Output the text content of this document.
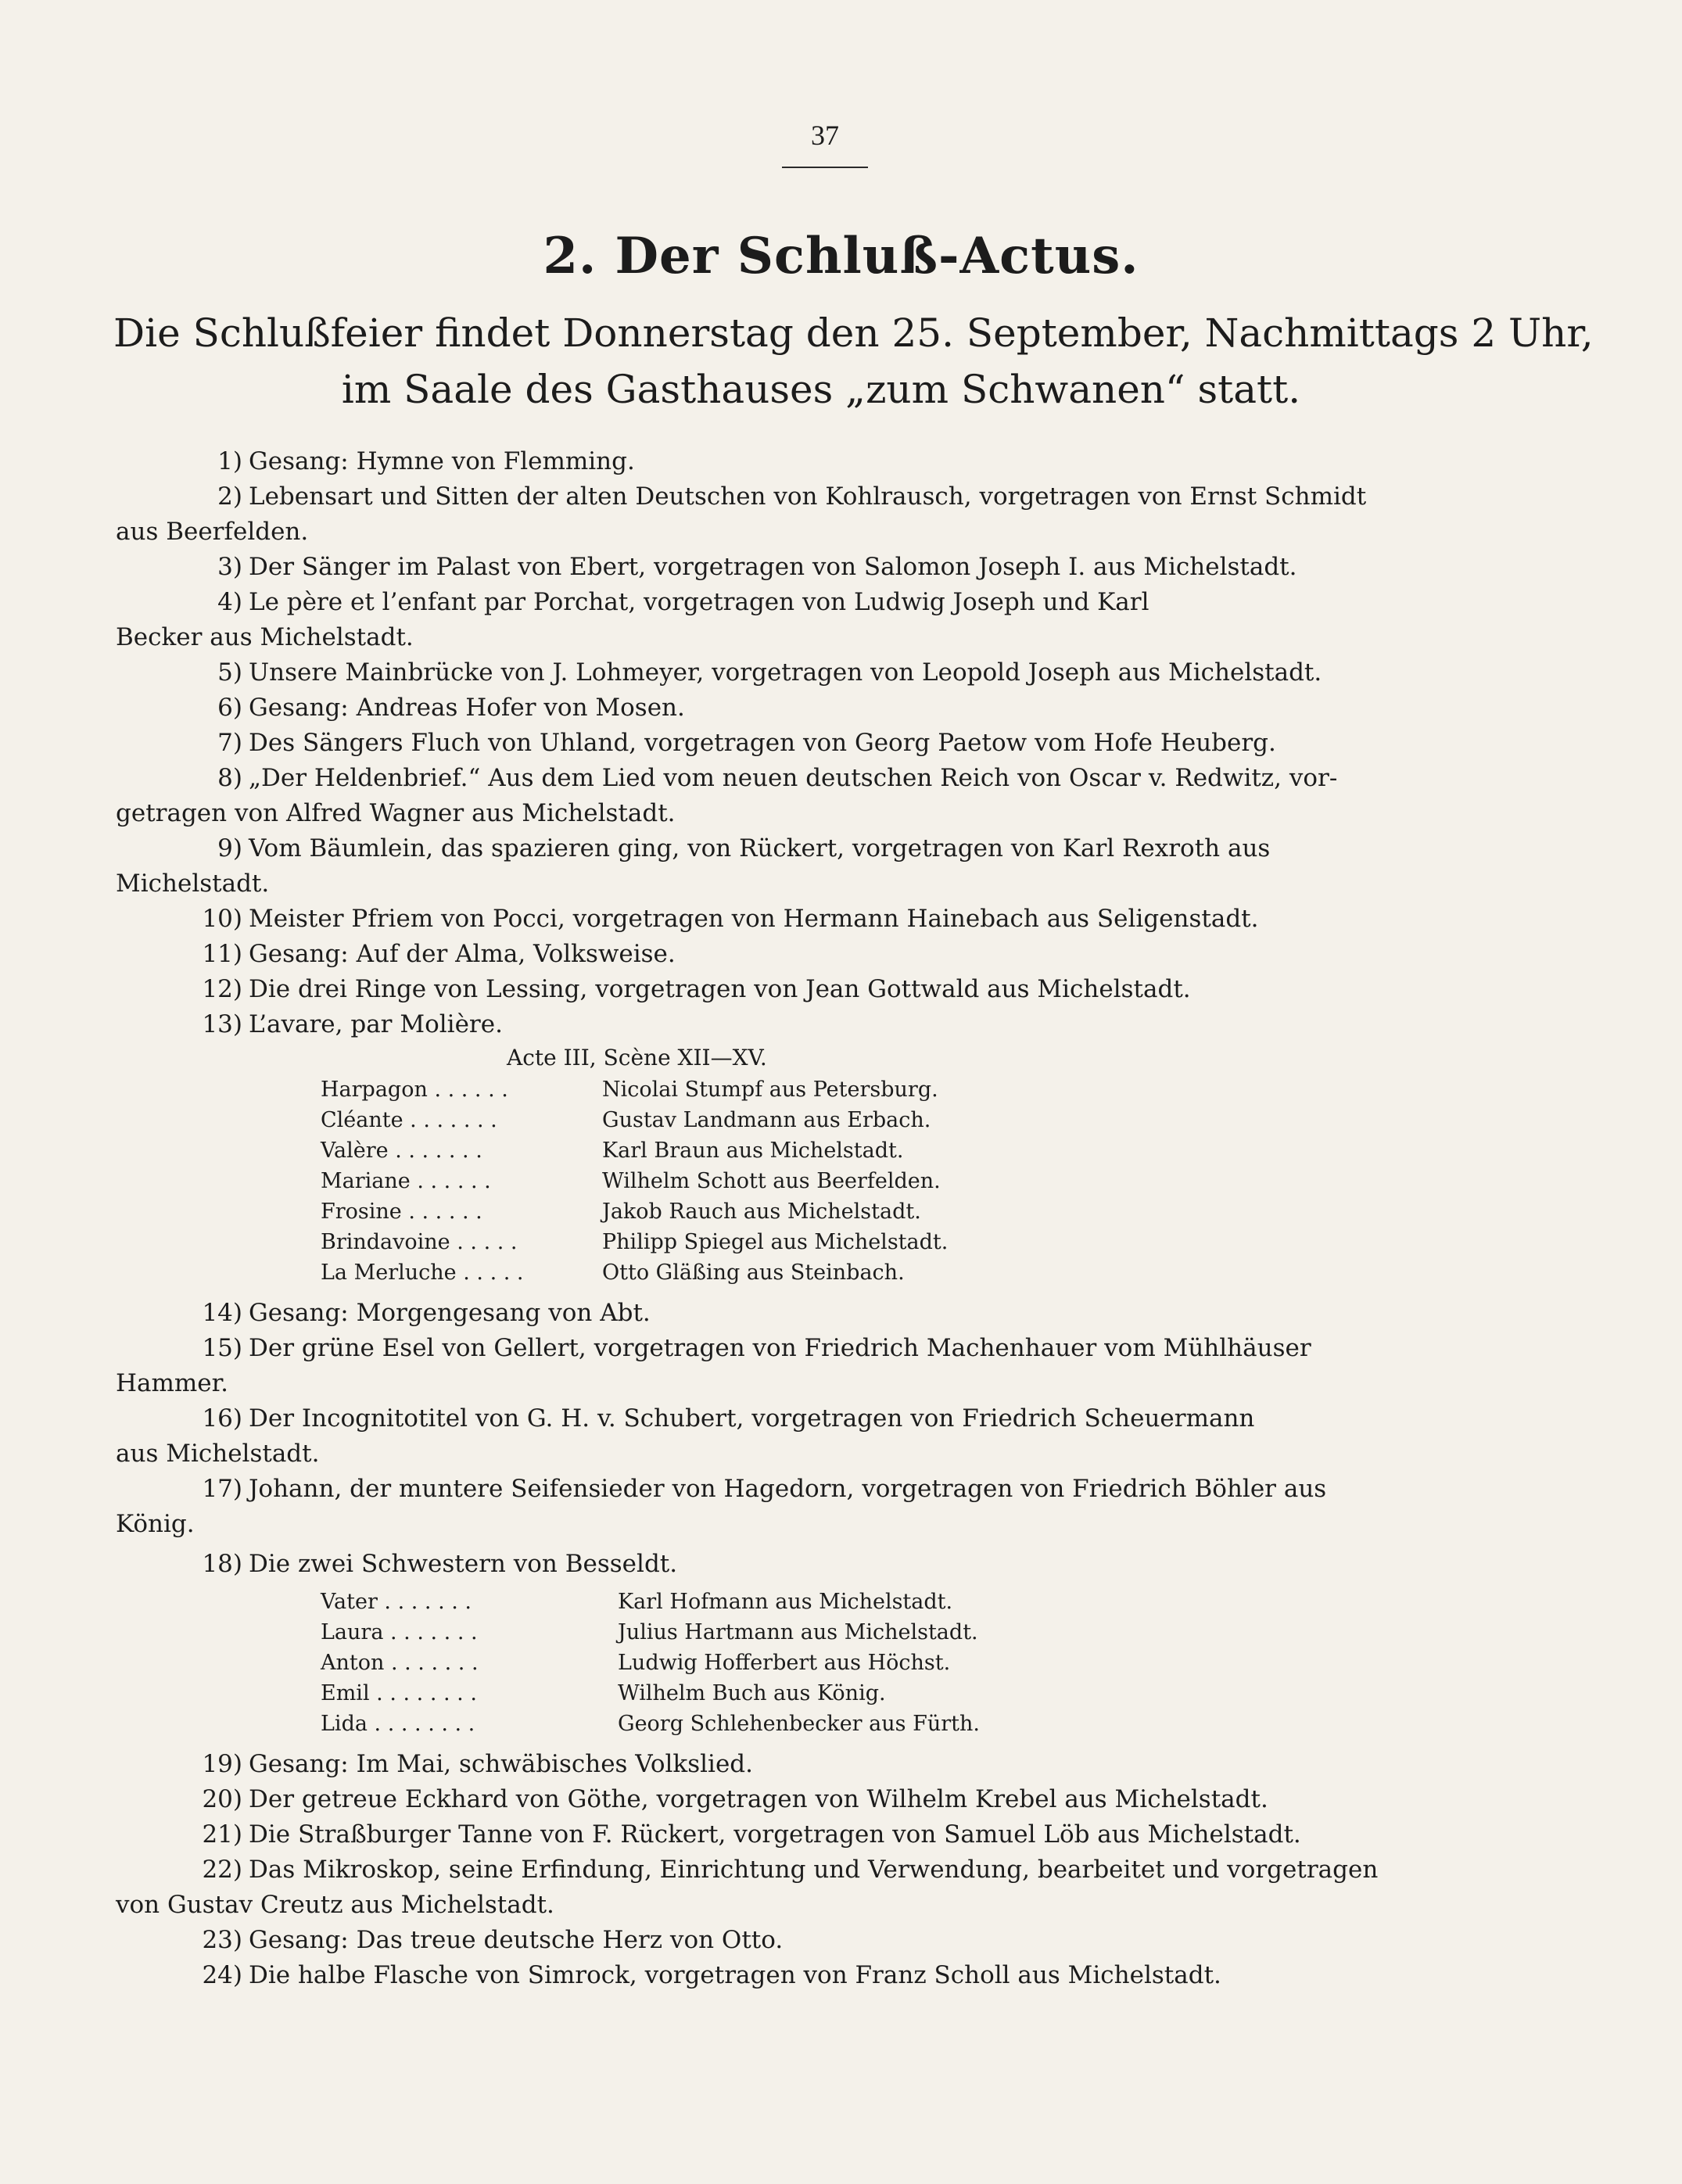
37
2. Der Schluß-Actus.
Die Schlußfeier findet Donnerstag den 25. September, Nachmittags 2 Uhr,
im Saale des Gasthauses „zum Schwanen“ statt.
1) Gesang: Hymne von Flemming.
2) Lebensart und Sitten der alten Deutschen von Kohlrausch, vorgetragen von Ernst Schmidt
aus Beerfelden.
3) Der Sänger im Palast von Ebert, vorgetragen von Salomon Joseph I. aus Michelstadt.
4) Le père et l’enfant par Porchat, vorgetragen von Ludwig Joseph und Karl
Becker aus Michelstadt.
5) Unsere Mainbrücke von J. Lohmeyer, vorgetragen von Leopold Joseph aus Michelstadt.
6) Gesang: Andreas Hofer von Mosen.
7) Des Sängers Fluch von Uhland, vorgetragen von Georg Paetow vom Hofe Heuberg.
8) „Der Heldenbrief.“ Aus dem Lied vom neuen deutschen Reich von Oscar v. Redwitz, vor-
getragen von Alfred Wagner aus Michelstadt.
9) Vom Bäumlein, das spazieren ging, von Rückert, vorgetragen von Karl Rexroth aus
Michelstadt.
10) Meister Pfriem von Pocci, vorgetragen von Hermann Hainebach aus Seligenstadt.
11) Gesang: Auf der Alma, Volksweise.
12) Die drei Ringe von Lessing, vorgetragen von Jean Gottwald aus Michelstadt.
13) L’avare, par Molière.
Acte III, Scène XII—XV.
Harpagon . . . . . .	Nicolai Stumpf aus Petersburg.
Cléante . . . . . . .	Gustav Landmann aus Erbach.
Valère . . . . . . .	Karl Braun aus Michelstadt.
Mariane . . . . . .	Wilhelm Schott aus Beerfelden.
Frosine . . . . . .	Jakob Rauch aus Michelstadt.
Brindavoine . . . . .	Philipp Spiegel aus Michelstadt.
La Merluche . . . . .	Otto Gläßing aus Steinbach.
14) Gesang: Morgengesang von Abt.
15) Der grüne Esel von Gellert, vorgetragen von Friedrich Machenhauer vom Mühlhäuser
Hammer.
16) Der Incognitotitel von G. H. v. Schubert, vorgetragen von Friedrich Scheuermann
aus Michelstadt.
17) Johann, der muntere Seifensieder von Hagedorn, vorgetragen von Friedrich Böhler aus
König.
18) Die zwei Schwestern von Besseldt.
Vater . . . . . . .	Karl Hofmann aus Michelstadt.
Laura . . . . . . .	Julius Hartmann aus Michelstadt.
Anton . . . . . . .	Ludwig Hofferbert aus Höchst.
Emil . . . . . . . .	Wilhelm Buch aus König.
Lida . . . . . . . .	Georg Schlehenbecker aus Fürth.
19) Gesang: Im Mai, schwäbisches Volkslied.
20) Der getreue Eckhard von Göthe, vorgetragen von Wilhelm Krebel aus Michelstadt.
21) Die Straßburger Tanne von F. Rückert, vorgetragen von Samuel Löb aus Michelstadt.
22) Das Mikroskop, seine Erfindung, Einrichtung und Verwendung, bearbeitet und vorgetragen
von Gustav Creutz aus Michelstadt.
23) Gesang: Das treue deutsche Herz von Otto.
24) Die halbe Flasche von Simrock, vorgetragen von Franz Scholl aus Michelstadt.
